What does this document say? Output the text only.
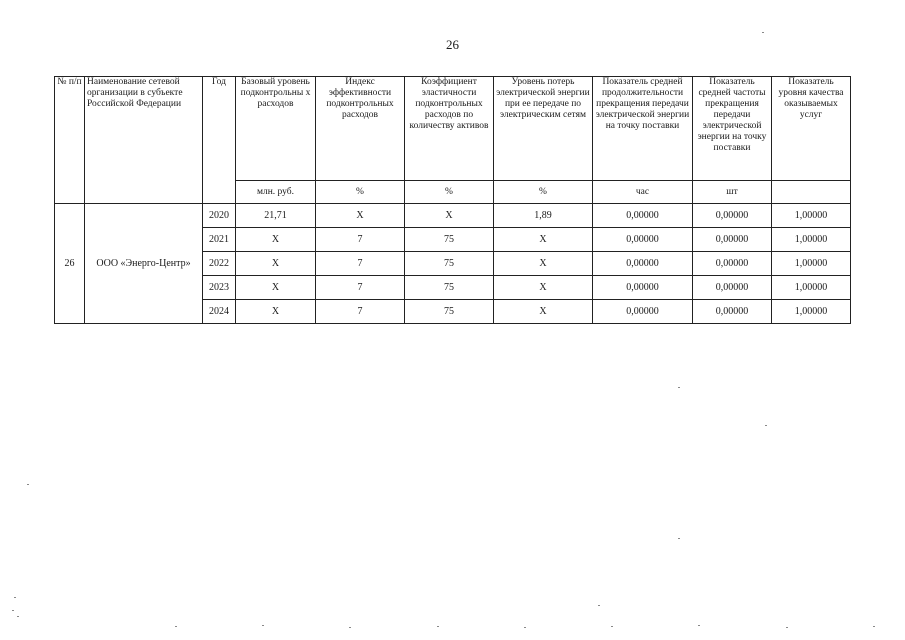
26
№ п/п	Наименование сетевой организации в субъекте Российской Федерации	Год	Базовый уровень подконтрольны х расходов	Индекс эффективности подконтрольных расходов	Коэффициент эластичности подконтрольных расходов по количеству активов	Уровень потерь электрической энергии при ее передаче по электрическим сетям	Показатель средней продолжительности прекращения передачи электрической энергии на точку поставки	Показатель средней частоты прекращения передачи электрической энергии на точку поставки	Показатель уровня качества оказываемых услуг
			млн. руб.	%	%	%	час	шт	
26	ООО «Энерго-Центр»	2020	21,71	X	X	1,89	0,00000	0,00000	1,00000
		2021	X	7	75	X	0,00000	0,00000	1,00000
		2022	X	7	75	X	0,00000	0,00000	1,00000
		2023	X	7	75	X	0,00000	0,00000	1,00000
		2024	X	7	75	X	0,00000	0,00000	1,00000
